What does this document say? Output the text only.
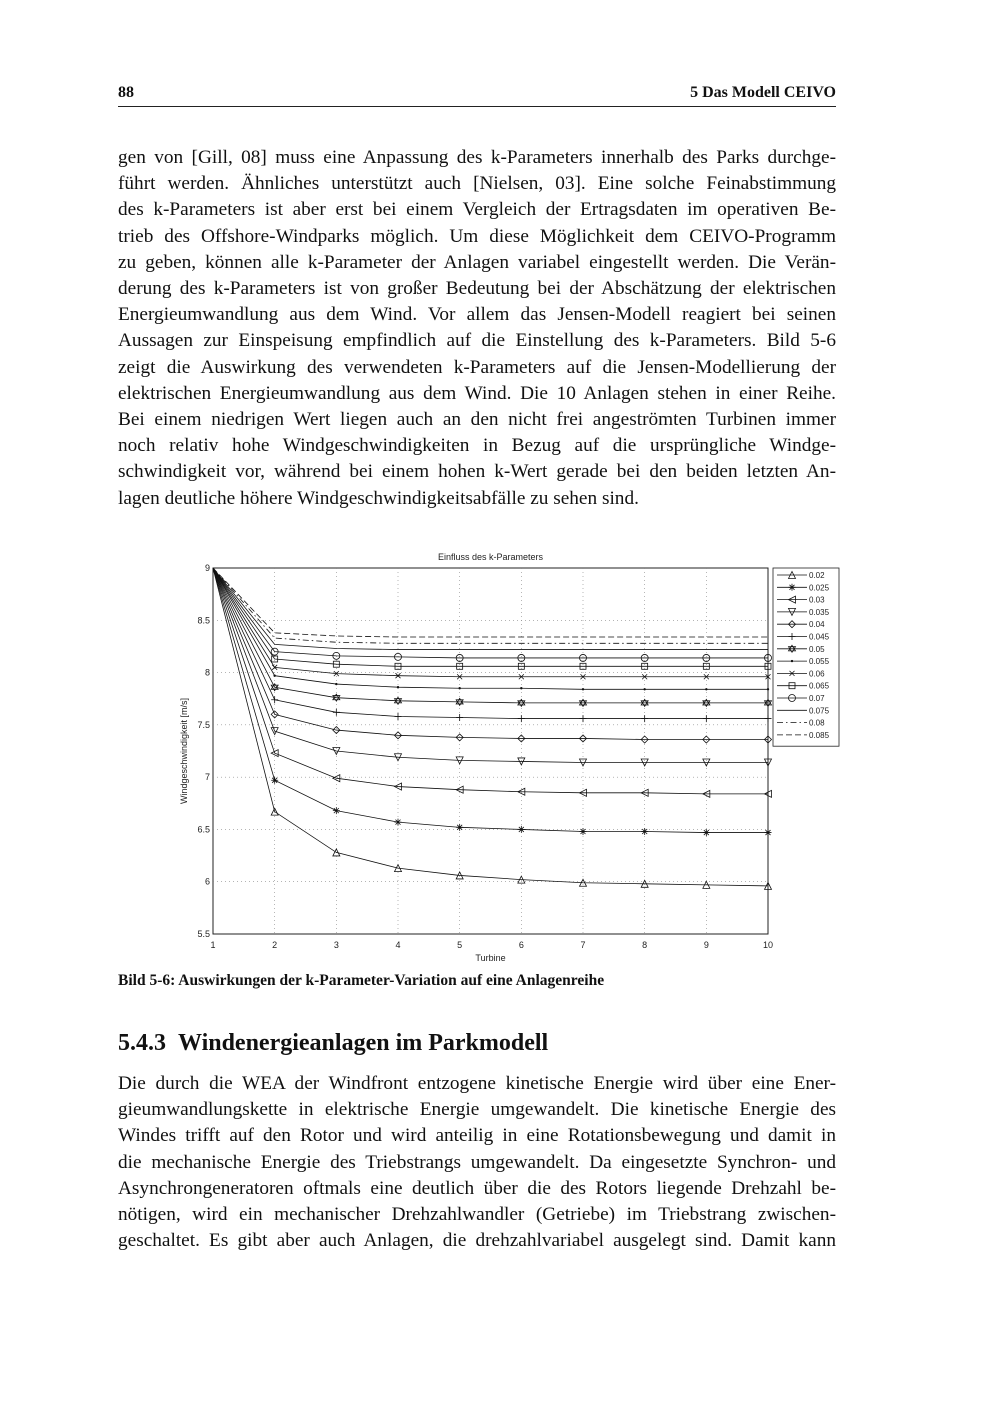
88	5 Das Modell CEIVO

gen von [Gill, 08] muss eine Anpassung des k-Parameters innerhalb des Parks durchge-
führt werden. Ähnliches unterstützt auch [Nielsen, 03]. Eine solche Feinabstimmung
des k-Parameters ist aber erst bei einem Vergleich der Ertragsdaten im operativen Be-
trieb des Offshore-Windparks möglich. Um diese Möglichkeit dem CEIVO-Programm
zu geben, können alle k-Parameter der Anlagen variabel eingestellt werden. Die Verän-
derung des k-Parameters ist von großer Bedeutung bei der Abschätzung der elektrischen
Energieumwandlung aus dem Wind. Vor allem das Jensen-Modell reagiert bei seinen
Aussagen zur Einspeisung empfindlich auf die Einstellung des k-Parameters. Bild 5-6
zeigt die Auswirkung des verwendeten k-Parameters auf die Jensen-Modellierung der
elektrischen Energieumwandlung aus dem Wind. Die 10 Anlagen stehen in einer Reihe.
Bei einem niedrigen Wert liegen auch an den nicht frei angeströmten Turbinen immer
noch relativ hohe Windgeschwindigkeiten in Bezug auf die ursprüngliche Windge-
schwindigkeit vor, während bei einem hohen k-Wert gerade bei den beiden letzten An-
lagen deutliche höhere Windgeschwindigkeitsabfälle zu sehen sind.

1	2	3	4	5	6	7	8	9	10
5.5
6
6.5
7
7.5
8
8.5
9
Einfluss des k-Parameters
Turbine
Windgeschwindigkeit [m/s]
0.02
0.025
0.03
0.035
0.04
0.045
0.05
0.055
0.06
0.065
0.07
0.075
0.08
0.085
Bild 5-6: Auswirkungen der k-Parameter-Variation auf eine Anlagenreihe
5.4.3 Windenergieanlagen im Parkmodell

Die durch die WEA der Windfront entzogene kinetische Energie wird über eine Ener-
gieumwandlungskette in elektrische Energie umgewandelt. Die kinetische Energie des
Windes trifft auf den Rotor und wird anteilig in eine Rotationsbewegung und damit in
die mechanische Energie des Triebstrangs umgewandelt. Da eingesetzte Synchron- und
Asynchrongeneratoren oftmals eine deutlich über die des Rotors liegende Drehzahl be-
nötigen, wird ein mechanischer Drehzahlwandler (Getriebe) im Triebstrang zwischen-
geschaltet. Es gibt aber auch Anlagen, die drehzahlvariabel ausgelegt sind. Damit kann
